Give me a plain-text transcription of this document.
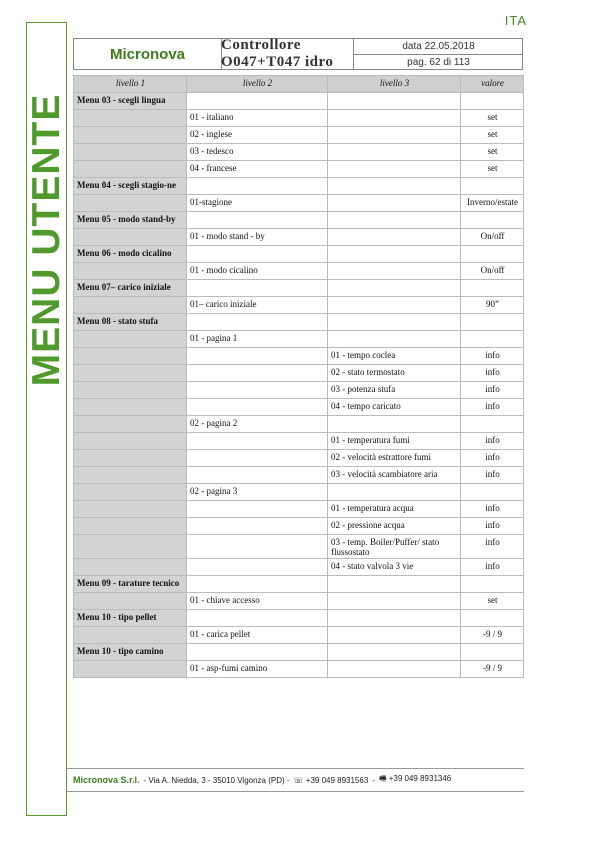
ITA
MENU UTENTE
Micronova
Controllore O047+T047 idro
data 22.05.2018
pag. 62 di 113
livello 1	livello 2	livello 3	valore
Menu 03 - scegli lingua			
	01 - italiano		set
	02 - inglese		set
	03 - tedesco		set
	04 - francese		set
Menu 04 - scegli stagio-ne			
	01-stagione		Inverno/estate
Menu 05 - modo stand-by			
	01 - modo stand - by		On/off
Menu 06 - modo cicalino			
	01 - modo cicalino		On/off
Menu 07– carico iniziale			
	01– carico iniziale		90”
Menu 08 - stato stufa			
	01 - pagina 1		
		01 - tempo coclea	info
		02 - stato termostato	info
		03 - potenza stufa	info
		04 - tempo caricato	info
	02 - pagina 2		
		01 - temperatura fumi	info
		02 - velocità estrattore fumi	info
		03 - velocità scambiatore aria	info
	02 - pagina 3		
		01 - temperatura acqua	info
		02 - pressione acqua	info
		03 - temp. Boiler/Puffer/ stato flussostato	info
		04 - stato valvola 3 vie	info
Menu 09 - tarature tecnico			
	01 - chiave accesso		set
Menu 10 - tipo pellet			
	01 - carica pellet		-9 / 9
Menu 10 - tipo camino			
	01 - asp-fumi camino		-9 / 9
Micronova S.r.l. - Via A. Niedda, 3 - 35010 Vigonza (PD) - ☏ +39 049 8931563 - 🖷 +39 049 8931346
